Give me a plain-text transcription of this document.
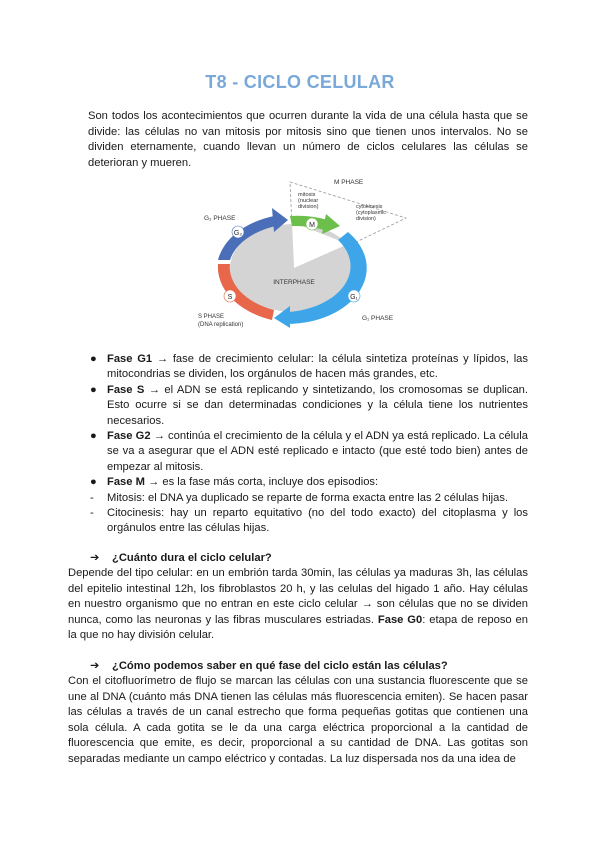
T8 - CICLO CELULAR
Son todos los acontecimientos que ocurren durante la vida de una célula hasta que se divide: las células no van mitosis por mitosis sino que tienen unos intervalos. No se dividen eternamente, cuando llevan un número de ciclos celulares las células se deterioran y mueren.
G₂
M
G₁
S
INTERPHASE
M PHASE
G₂ PHASE
G₁ PHASE
mitosis
(nuclear
division)	cytokinesis
(cytoplasmic
division)
S PHASE
(DNA replication)
● Fase G1 → fase de crecimiento celular: la célula sintetiza proteínas y lípidos, las mitocondrias se dividen, los orgánulos de hacen más grandes, etc.
● Fase S → el ADN se está replicando y sintetizando, los cromosomas se duplican. Esto ocurre si se dan determinadas condiciones y la célula tiene los nutrientes necesarios.
● Fase G2 → continúa el crecimiento de la célula y el ADN ya está replicado. La célula se va a asegurar que el ADN esté replicado e intacto (que esté todo bien) antes de empezar al mitosis.
● Fase M → es la fase más corta, incluye dos episodios:
- Mitosis: el DNA ya duplicado se reparte de forma exacta entre las 2 células hijas.
- Citocinesis: hay un reparto equitativo (no del todo exacto) del citoplasma y los orgánulos entre las células hijas.
➔ ¿Cuánto dura el ciclo celular?
Depende del tipo celular: en un embrión tarda 30min, las células ya maduras 3h, las células del epitelio intestinal 12h, los fibroblastos 20 h, y las celulas del higado 1 año. Hay células en nuestro organismo que no entran en este ciclo celular → son células que no se dividen nunca, como las neuronas y las fibras musculares estriadas. Fase G0: etapa de reposo en la que no hay división celular.
➔ ¿Cómo podemos saber en qué fase del ciclo están las células?
Con el citofluorímetro de flujo se marcan las células con una sustancia fluorescente que se une al DNA (cuánto más DNA tienen las células más fluorescencia emiten). Se hacen pasar las células a través de un canal estrecho que forma pequeñas gotitas que contienen una sola célula. A cada gotita se le da una carga eléctrica proporcional a la cantidad de fluorescencia que emite, es decir, proporcional a su cantidad de DNA. Las gotitas son separadas mediante un campo eléctrico y contadas. La luz dispersada nos da una idea de
